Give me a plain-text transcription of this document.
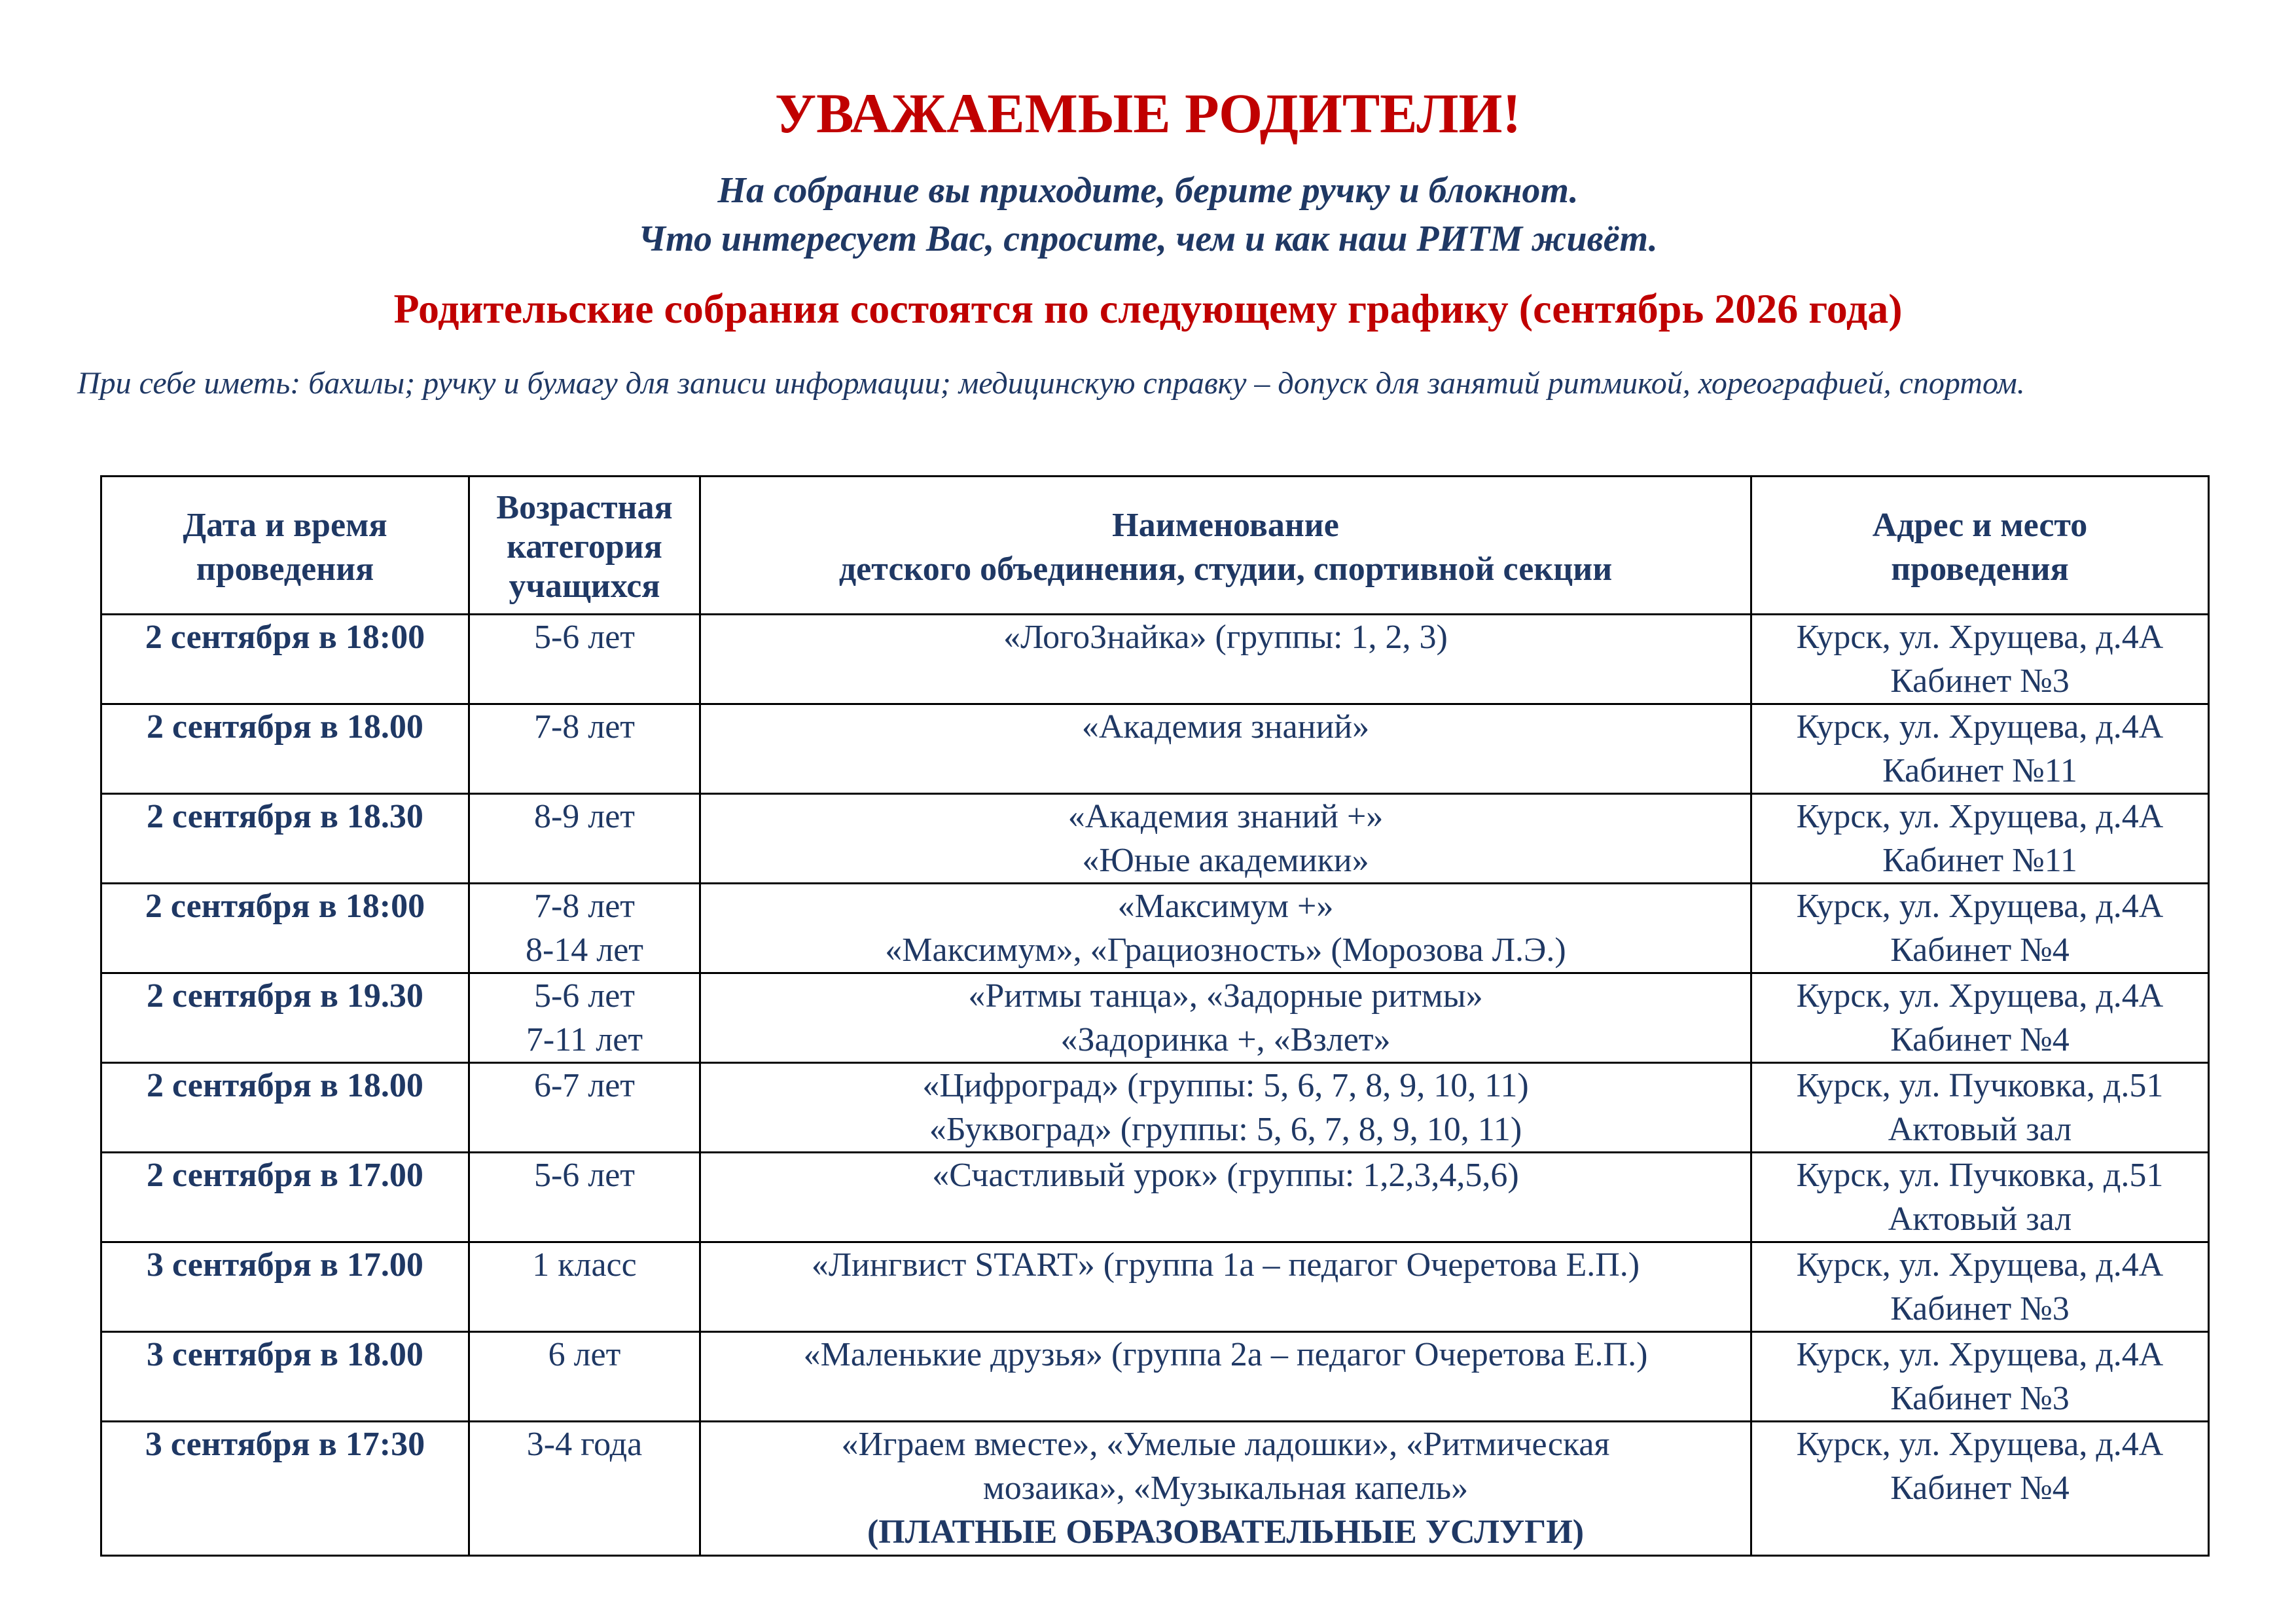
УВАЖАЕМЫЕ РОДИТЕЛИ!
На собрание вы приходите, берите ручку и блокнот.
Что интересует Вас, спросите, чем и как наш РИТМ живёт.
Родительские собрания состоятся по следующему графику (сентябрь 2026 года)
При себе иметь: бахилы; ручку и бумагу для записи информации; медицинскую справку – допуск для занятий ритмикой, хореографией, спортом.
Дата и время
проведения	Возрастная
категория
учащихся	Наименование
детского объединения, студии, спортивной секции	Адрес и место
проведения

2 сентября в 18:00	5-6 лет	«ЛогоЗнайка» (группы: 1, 2, 3)	Курск, ул. Хрущева, д.4А
Кабинет №3

2 сентября в 18.00	7-8 лет	«Академия знаний»	Курск, ул. Хрущева, д.4А
Кабинет №11

2 сентября в 18.30	8-9 лет	«Академия знаний +»
«Юные академики»	Курск, ул. Хрущева, д.4А
Кабинет №11

2 сентября в 18:00	7-8 лет
8-14 лет	«Максимум +»
«Максимум», «Грациозность» (Морозова Л.Э.)	Курск, ул. Хрущева, д.4А
Кабинет №4

2 сентября в 19.30	5-6 лет
7-11 лет	«Ритмы танца», «Задорные ритмы»
«Задоринка +, «Взлет»	Курск, ул. Хрущева, д.4А
Кабинет №4

2 сентября в 18.00	6-7 лет	«Цифроград» (группы: 5, 6, 7, 8, 9, 10, 11)
«Буквоград» (группы: 5, 6, 7, 8, 9, 10, 11)	Курск, ул. Пучковка, д.51
Актовый зал

2 сентября в 17.00	5-6 лет	«Счастливый урок» (группы: 1,2,3,4,5,6)	Курск, ул. Пучковка, д.51
Актовый зал

3 сентября в 17.00	1 класс	«Лингвист START» (группа 1а – педагог Очеретова Е.П.)	Курск, ул. Хрущева, д.4А
Кабинет №3

3 сентября в 18.00	6 лет	«Маленькие друзья» (группа 2а – педагог Очеретова Е.П.)	Курск, ул. Хрущева, д.4А
Кабинет №3

3 сентября в 17:30	3-4 года	«Играем вместе», «Умелые ладошки», «Ритмическая
мозаика», «Музыкальная капель»
(ПЛАТНЫЕ ОБРАЗОВАТЕЛЬНЫЕ УСЛУГИ)	Курск, ул. Хрущева, д.4А
Кабинет №4
